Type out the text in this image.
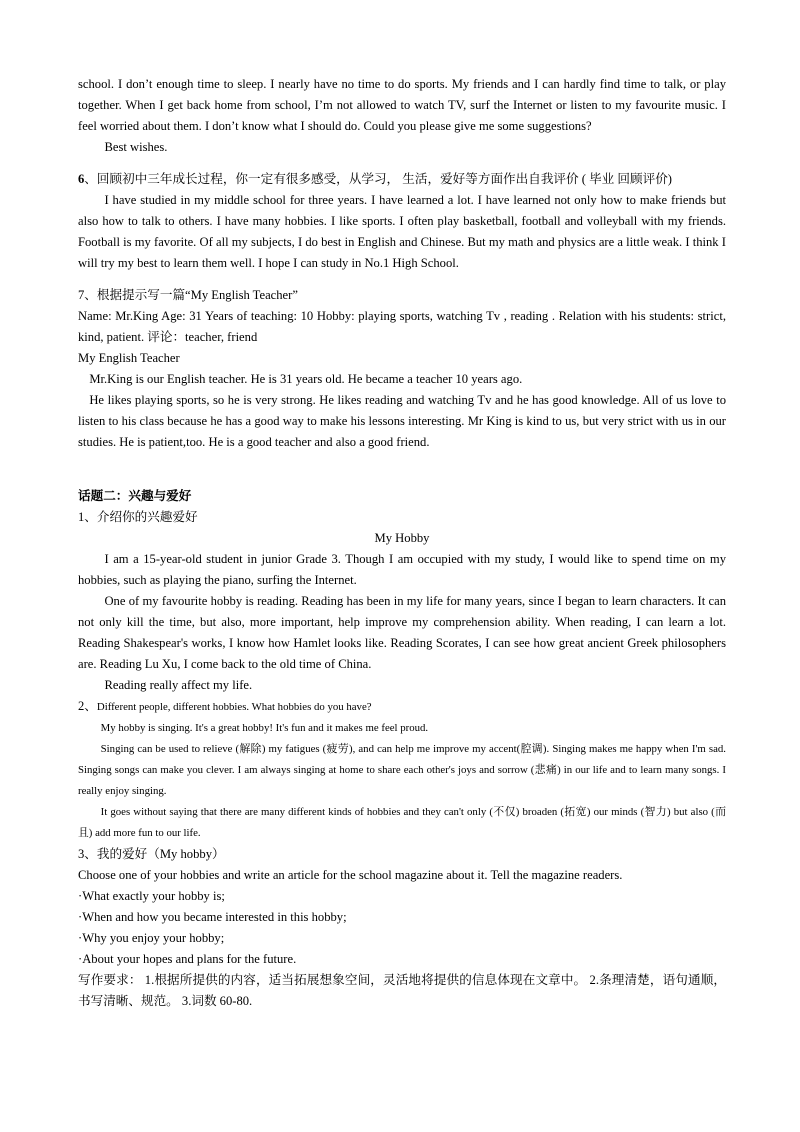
school. I don’t enough time to sleep. I nearly have no time to do sports. My friends and I can hardly find time to talk, or play together. When I get back home from school, I’m not allowed to watch TV, surf the Internet or listen to my favourite music. I feel worried about them. I don’t know what I should do. Could you please give me some suggestions?

Best wishes.

6、回顾初中三年成长过程，你一定有很多感受，从学习， 生活，爱好等方面作出自我评价 ( 毕业 回顾评价)

I have studied in my middle school for three years. I have learned a lot. I have learned not only how to make friends but also how to talk to others. I have many hobbies. I like sports. I often play basketball, football and volleyball with my friends. Football is my favorite. Of all my subjects, I do best in English and Chinese. But my math and physics are a little weak. I think I will try my best to learn them well. I hope I can study in No.1 High School.

7、根据提示写一篇“My English Teacher”

Name: Mr.King Age: 31 Years of teaching: 10 Hobby: playing sports, watching Tv , reading . Relation with his students: strict, kind, patient. 评论：teacher, friend

My English Teacher

Mr.King is our English teacher. He is 31 years old. He became a teacher 10 years ago.

He likes playing sports, so he is very strong. He likes reading and watching Tv and he has good knowledge. All of us love to listen to his class because he has a good way to make his lessons interesting. Mr King is kind to us, but very strict with us in our studies. He is patient,too. He is a good teacher and also a good friend.

话题二：兴趣与爱好

1、介绍你的兴趣爱好

My Hobby

I am a 15-year-old student in junior Grade 3. Though I am occupied with my study, I would like to spend time on my hobbies, such as playing the piano, surfing the Internet.

One of my favourite hobby is reading. Reading has been in my life for many years, since I began to learn characters. It can not only kill the time, but also, more important, help improve my comprehension ability. When reading, I can learn a lot. Reading Shakespear's works, I know how Hamlet looks like. Reading Scorates, I can see how great ancient Greek philosophers are. Reading Lu Xu, I come back to the old time of China.

Reading really affect my life.

2、Different people, different hobbies. What hobbies do you have?

My hobby is singing. It's a great hobby! It's fun and it makes me feel proud.

Singing can be used to relieve (解除) my fatigues (疲劳), and can help me improve my accent(腔调). Singing makes me happy when I'm sad. Singing songs can make you clever. I am always singing at home to share each other's joys and sorrow (悲痛) in our life and to learn many songs. I really enjoy singing.

It goes without saying that there are many different kinds of hobbies and they can't only (不仅) broaden (拓宽) our minds (智力) but also (而且) add more fun to our life.

3、我的爱好（My hobby）

Choose one of your hobbies and write an article for the school magazine about it. Tell the magazine readers.

·What exactly your hobby is;

·When and how you became interested in this hobby;

·Why you enjoy your hobby;

·About your hopes and plans for the future.

写作要求： 1.根据所提供的内容，适当拓展想象空间，灵活地将提供的信息体现在文章中。 2.条理清楚，语句通顺，书写清晰、规范。 3.词数 60-80.
